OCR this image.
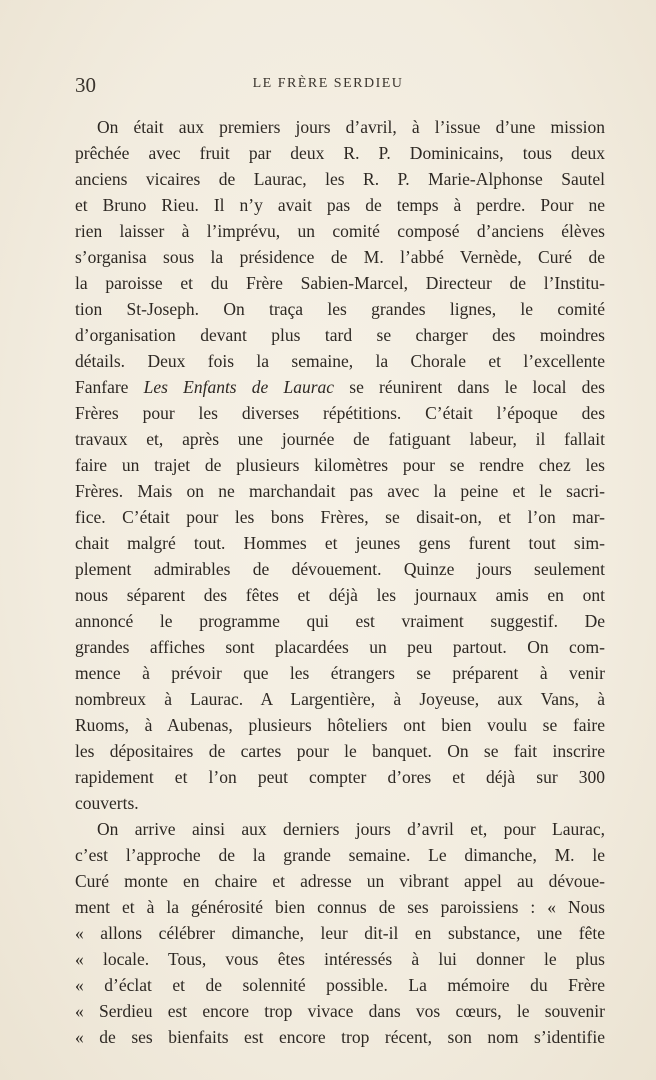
30	LE FRÈRE SERDIEU
On était aux premiers jours d’avril, à l’issue d’une mission
prêchée avec fruit par deux R. P. Dominicains, tous deux
anciens vicaires de Laurac, les R. P. Marie-Alphonse Sautel
et Bruno Rieu. Il n’y avait pas de temps à perdre. Pour ne
rien laisser à l’imprévu, un comité composé d’anciens élèves
s’organisa sous la présidence de M. l’abbé Vernède, Curé de
la paroisse et du Frère Sabien-Marcel, Directeur de l’Institu-
tion St-Joseph. On traça les grandes lignes, le comité
d’organisation devant plus tard se charger des moindres
détails. Deux fois la semaine, la Chorale et l’excellente
Fanfare Les Enfants de Laurac se réunirent dans le local des
Frères pour les diverses répétitions. C’était l’époque des
travaux et, après une journée de fatiguant labeur, il fallait
faire un trajet de plusieurs kilomètres pour se rendre chez les
Frères. Mais on ne marchandait pas avec la peine et le sacri-
fice. C’était pour les bons Frères, se disait-on, et l’on mar-
chait malgré tout. Hommes et jeunes gens furent tout sim-
plement admirables de dévouement. Quinze jours seulement
nous séparent des fêtes et déjà les journaux amis en ont
annoncé le programme qui est vraiment suggestif. De
grandes affiches sont placardées un peu partout. On com-
mence à prévoir que les étrangers se préparent à venir
nombreux à Laurac. A Largentière, à Joyeuse, aux Vans, à
Ruoms, à Aubenas, plusieurs hôteliers ont bien voulu se faire
les dépositaires de cartes pour le banquet. On se fait inscrire
rapidement et l’on peut compter d’ores et déjà sur 300
couverts.
On arrive ainsi aux derniers jours d’avril et, pour Laurac,
c’est l’approche de la grande semaine. Le dimanche, M. le
Curé monte en chaire et adresse un vibrant appel au dévoue-
ment et à la générosité bien connus de ses paroissiens : « Nous
« allons célébrer dimanche, leur dit-il en substance, une fête
« locale. Tous, vous êtes intéressés à lui donner le plus
« d’éclat et de solennité possible. La mémoire du Frère
« Serdieu est encore trop vivace dans vos cœurs, le souvenir
« de ses bienfaits est encore trop récent, son nom s’identifie
